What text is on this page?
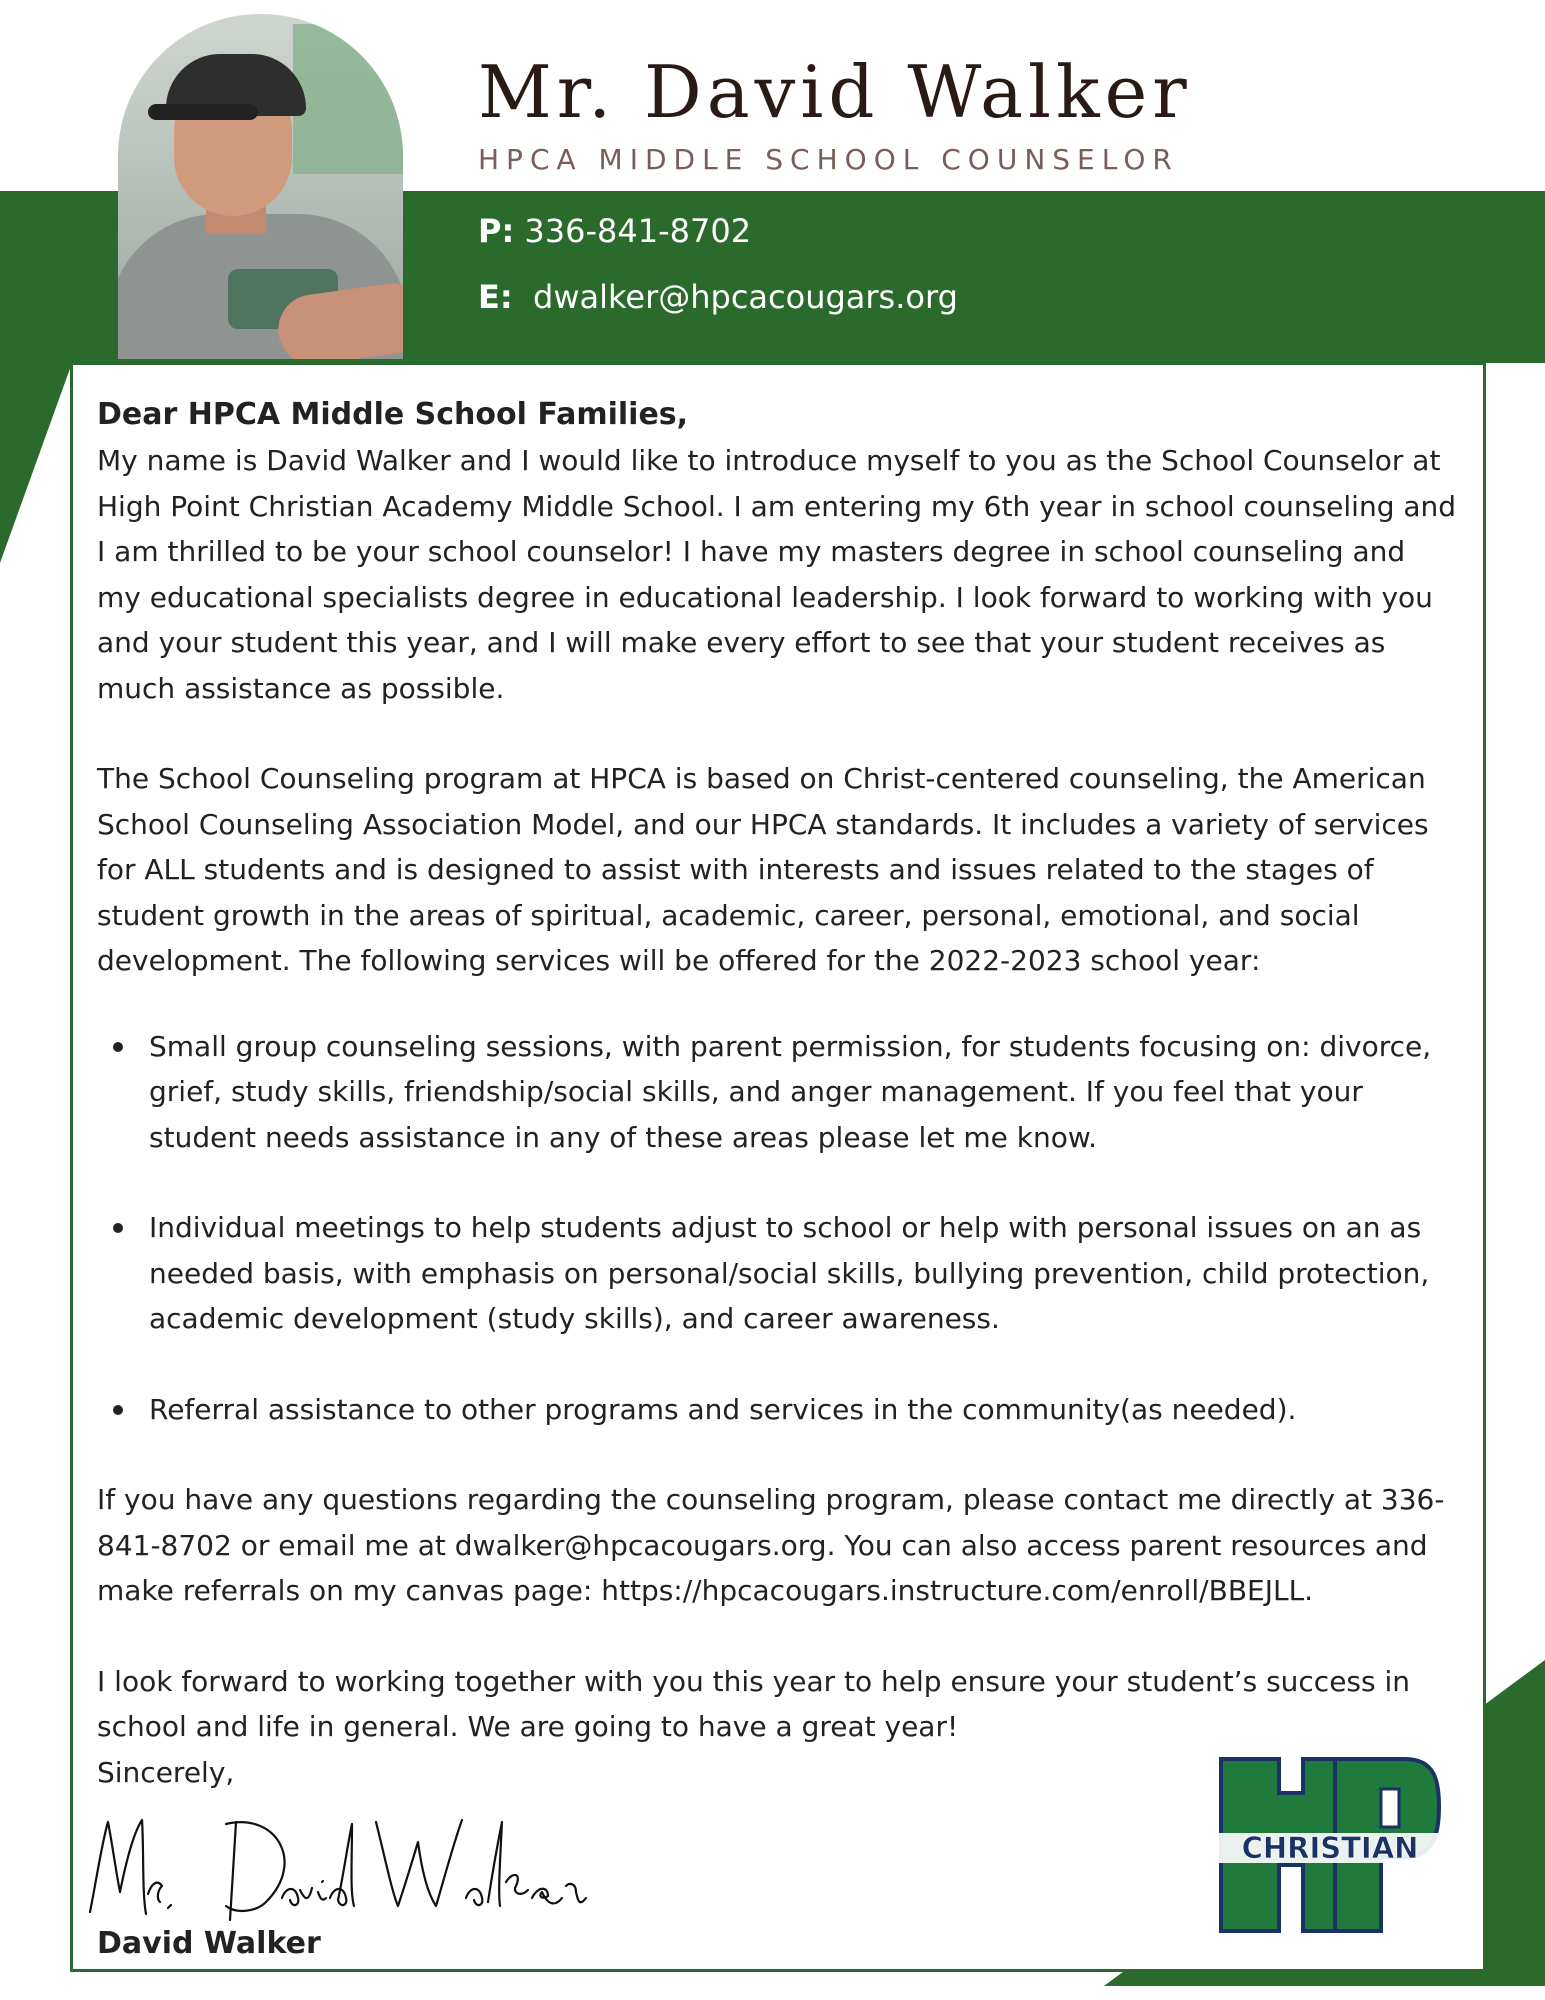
Mr. David Walker
HPCA MIDDLE SCHOOL COUNSELOR
P: 336-841-8702
E: dwalker@hpcacougars.org

Dear HPCA Middle School Families,

My name is David Walker and I would like to introduce myself to you as the School Counselor at High Point Christian Academy Middle School. I am entering my 6th year in school counseling and I am thrilled to be your school counselor! I have my masters degree in school counseling and my educational specialists degree in educational leadership. I look forward to working with you and your student this year, and I will make every effort to see that your student receives as much assistance as possible.

The School Counseling program at HPCA is based on Christ-centered counseling, the American School Counseling Association Model, and our HPCA standards. It includes a variety of services for ALL students and is designed to assist with interests and issues related to the stages of student growth in the areas of spiritual, academic, career, personal, emotional, and social development. The following services will be offered for the 2022-2023 school year:

Small group counseling sessions, with parent permission, for students focusing on: divorce, grief, study skills, friendship/social skills, and anger management. If you feel that your student needs assistance in any of these areas please let me know.
Individual meetings to help students adjust to school or help with personal issues on an as needed basis, with emphasis on personal/social skills, bullying prevention, child protection, academic development (study skills), and career awareness.
Referral assistance to other programs and services in the community(as needed).

If you have any questions regarding the counseling program, please contact me directly at 336-841-8702 or email me at dwalker@hpcacougars.org. You can also access parent resources and make referrals on my canvas page: https://hpcacougars.instructure.com/enroll/BBEJLL.

I look forward to working together with you this year to help ensure your student’s success in school and life in general. We are going to have a great year!

Sincerely,

David Walker

CHRISTIAN
